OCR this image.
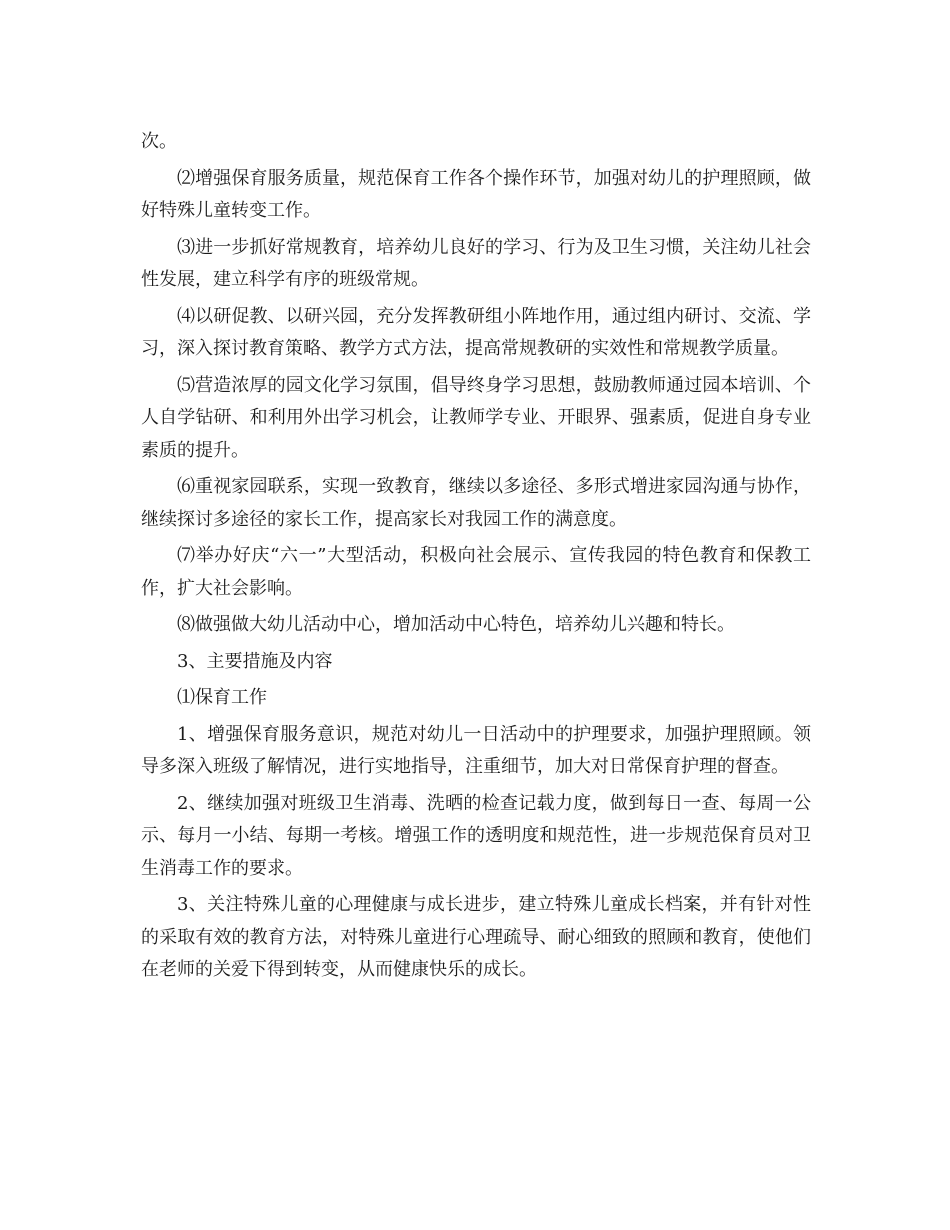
次。

⑵增强保育服务质量，规范保育工作各个操作环节，加强对幼儿的护理照顾，做好特殊儿童转变工作。

⑶进一步抓好常规教育，培养幼儿良好的学习、行为及卫生习惯，关注幼儿社会性发展，建立科学有序的班级常规。

⑷以研促教、以研兴园，充分发挥教研组小阵地作用，通过组内研讨、交流、学习，深入探讨教育策略、教学方式方法，提高常规教研的实效性和常规教学质量。

⑸营造浓厚的园文化学习氛围，倡导终身学习思想，鼓励教师通过园本培训、个人自学钻研、和利用外出学习机会，让教师学专业、开眼界、强素质，促进自身专业素质的提升。

⑹重视家园联系，实现一致教育，继续以多途径、多形式增进家园沟通与协作，继续探讨多途径的家长工作，提高家长对我园工作的满意度。

⑺举办好庆“六一”大型活动，积极向社会展示、宣传我园的特色教育和保教工作，扩大社会影响。

⑻做强做大幼儿活动中心，增加活动中心特色，培养幼儿兴趣和特长。

3、主要措施及内容

⑴保育工作

1、增强保育服务意识，规范对幼儿一日活动中的护理要求，加强护理照顾。领导多深入班级了解情况，进行实地指导，注重细节，加大对日常保育护理的督查。

2、继续加强对班级卫生消毒、洗晒的检查记载力度，做到每日一查、每周一公示、每月一小结、每期一考核。增强工作的透明度和规范性，进一步规范保育员对卫生消毒工作的要求。

3、关注特殊儿童的心理健康与成长进步，建立特殊儿童成长档案，并有针对性的采取有效的教育方法，对特殊儿童进行心理疏导、耐心细致的照顾和教育，使他们在老师的关爱下得到转变，从而健康快乐的成长。
